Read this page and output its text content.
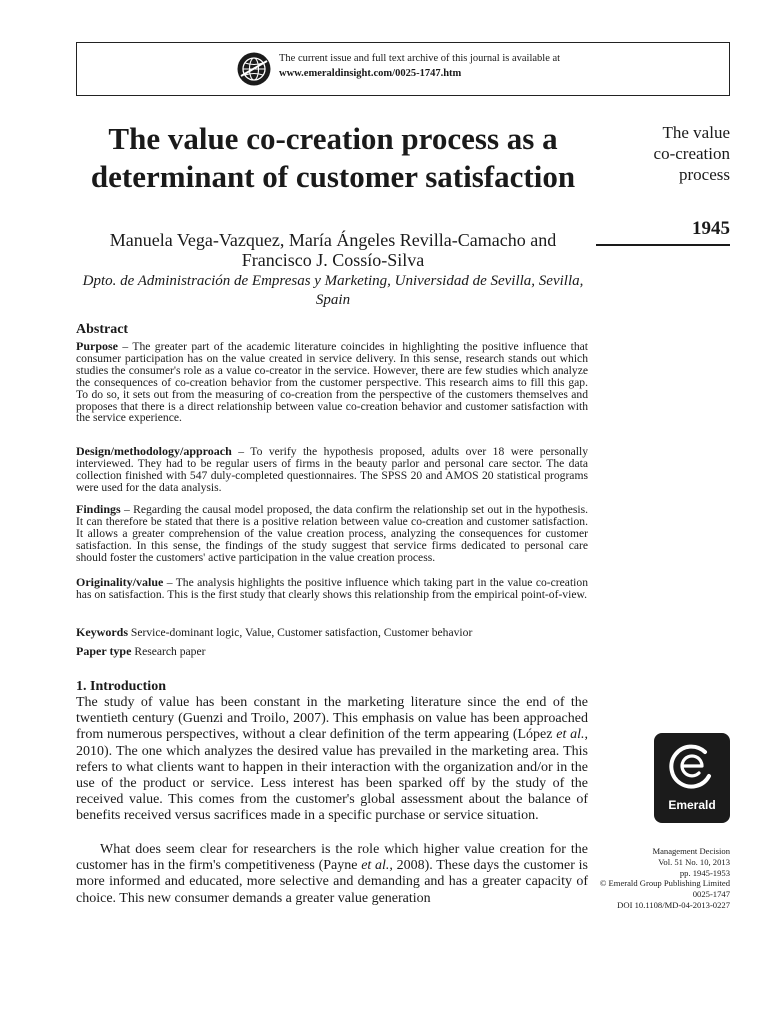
The current issue and full text archive of this journal is available at
www.emeraldinsight.com/0025-1747.htm
The value co-creation process as a determinant of customer satisfaction
Manuela Vega-Vazquez, María Ángeles Revilla-Camacho and Francisco J. Cossío-Silva
Dpto. de Administración de Empresas y Marketing, Universidad de Sevilla, Sevilla, Spain
The value
co-creation
process
1945
Abstract
Purpose – The greater part of the academic literature coincides in highlighting the positive influence that consumer participation has on the value created in service delivery. In this sense, research stands out which studies the consumer's role as a value co-creator in the service. However, there are few studies which analyze the consequences of co-creation behavior from the customer perspective. This research aims to fill this gap. To do so, it sets out from the measuring of co-creation from the perspective of the customers themselves and proposes that there is a direct relationship between value co-creation behavior and customer satisfaction with the service experience.
Design/methodology/approach – To verify the hypothesis proposed, adults over 18 were personally interviewed. They had to be regular users of firms in the beauty parlor and personal care sector. The data collection finished with 547 duly-completed questionnaires. The SPSS 20 and AMOS 20 statistical programs were used for the data analysis.
Findings – Regarding the causal model proposed, the data confirm the relationship set out in the hypothesis. It can therefore be stated that there is a positive relation between value co-creation and customer satisfaction. It allows a greater comprehension of the value creation process, analyzing the consequences for customer satisfaction. In this sense, the findings of the study suggest that service firms dedicated to personal care should foster the customers' active participation in the value creation process.
Originality/value – The analysis highlights the positive influence which taking part in the value co-creation has on satisfaction. This is the first study that clearly shows this relationship from the empirical point-of-view.
Keywords Service-dominant logic, Value, Customer satisfaction, Customer behavior
Paper type Research paper
1. Introduction
The study of value has been constant in the marketing literature since the end of the twentieth century (Guenzi and Troilo, 2007). This emphasis on value has been approached from numerous perspectives, without a clear definition of the term appearing (López et al., 2010). The one which analyzes the desired value has prevailed in the marketing area. This refers to what clients want to happen in their interaction with the organization and/or in the use of the product or service. Less interest has been sparked off by the study of the received value. This comes from the customer's global assessment about the balance of benefits received versus sacrifices made in a specific purchase or service situation.
What does seem clear for researchers is the role which higher value creation for the customer has in the firm's competitiveness (Payne et al., 2008). These days the customer is more informed and educated, more selective and demanding and has a greater capacity of choice. This new consumer demands a greater value generation
Emerald
Management Decision
Vol. 51 No. 10, 2013
pp. 1945-1953
© Emerald Group Publishing Limited
0025-1747
DOI 10.1108/MD-04-2013-0227
